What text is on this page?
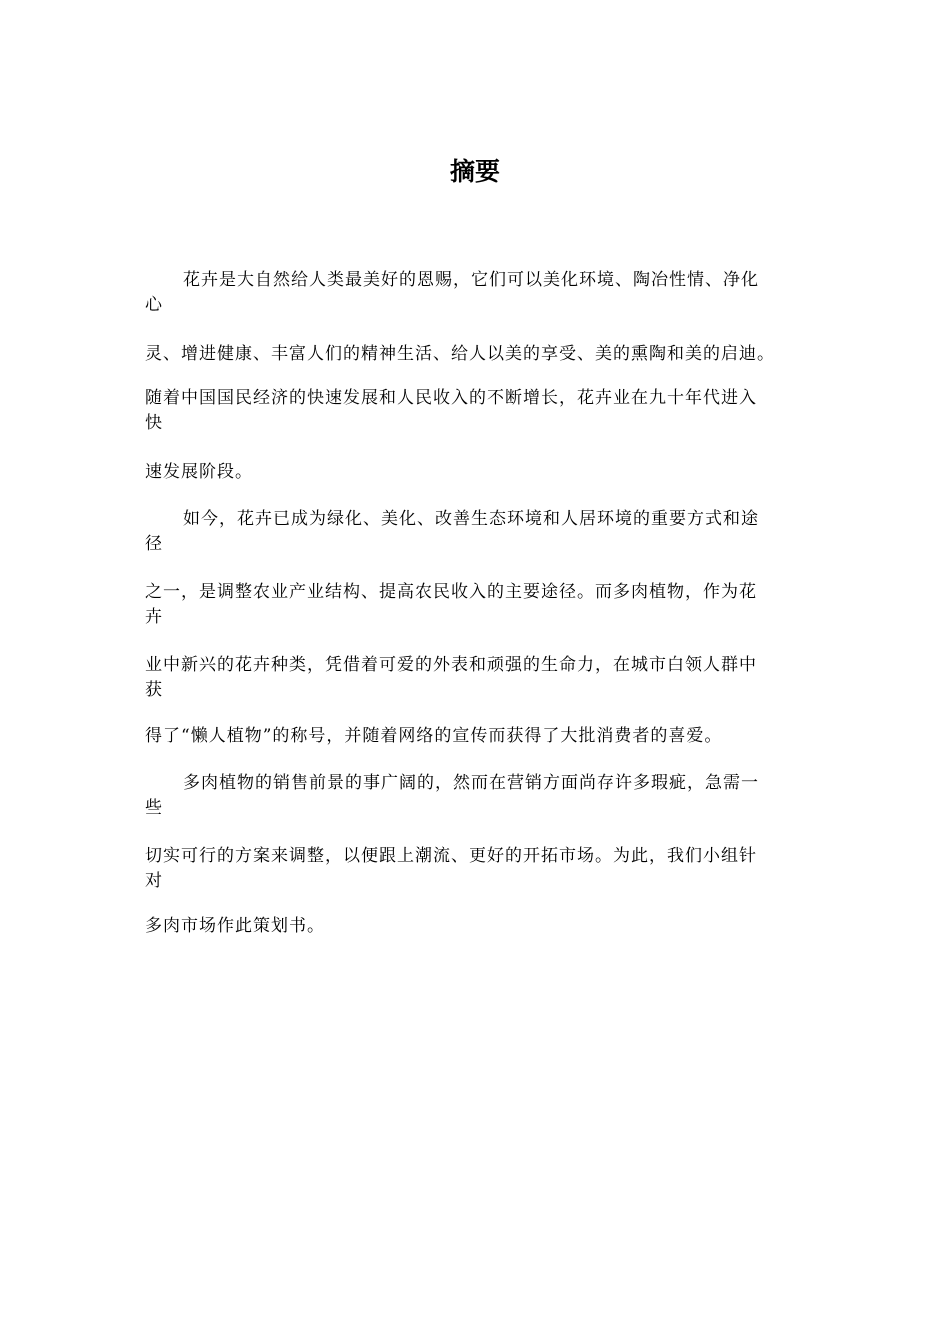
摘要
花卉是大自然给人类最美好的恩赐，它们可以美化环境、陶冶性情、净化
心
灵、增进健康、丰富人们的精神生活、给人以美的享受、美的熏陶和美的启迪。
随着中国国民经济的快速发展和人民收入的不断增长，花卉业在九十年代进入
快
速发展阶段。
如今，花卉已成为绿化、美化、改善生态环境和人居环境的重要方式和途
径
之一，是调整农业产业结构、提高农民收入的主要途径。而多肉植物，作为花
卉
业中新兴的花卉种类，凭借着可爱的外表和顽强的生命力，在城市白领人群中
获
得了“懒人植物”的称号，并随着网络的宣传而获得了大批消费者的喜爱。
多肉植物的销售前景的事广阔的，然而在营销方面尚存许多瑕疵，急需一
些
切实可行的方案来调整，以便跟上潮流、更好的开拓市场。为此，我们小组针
对
多肉市场作此策划书。
